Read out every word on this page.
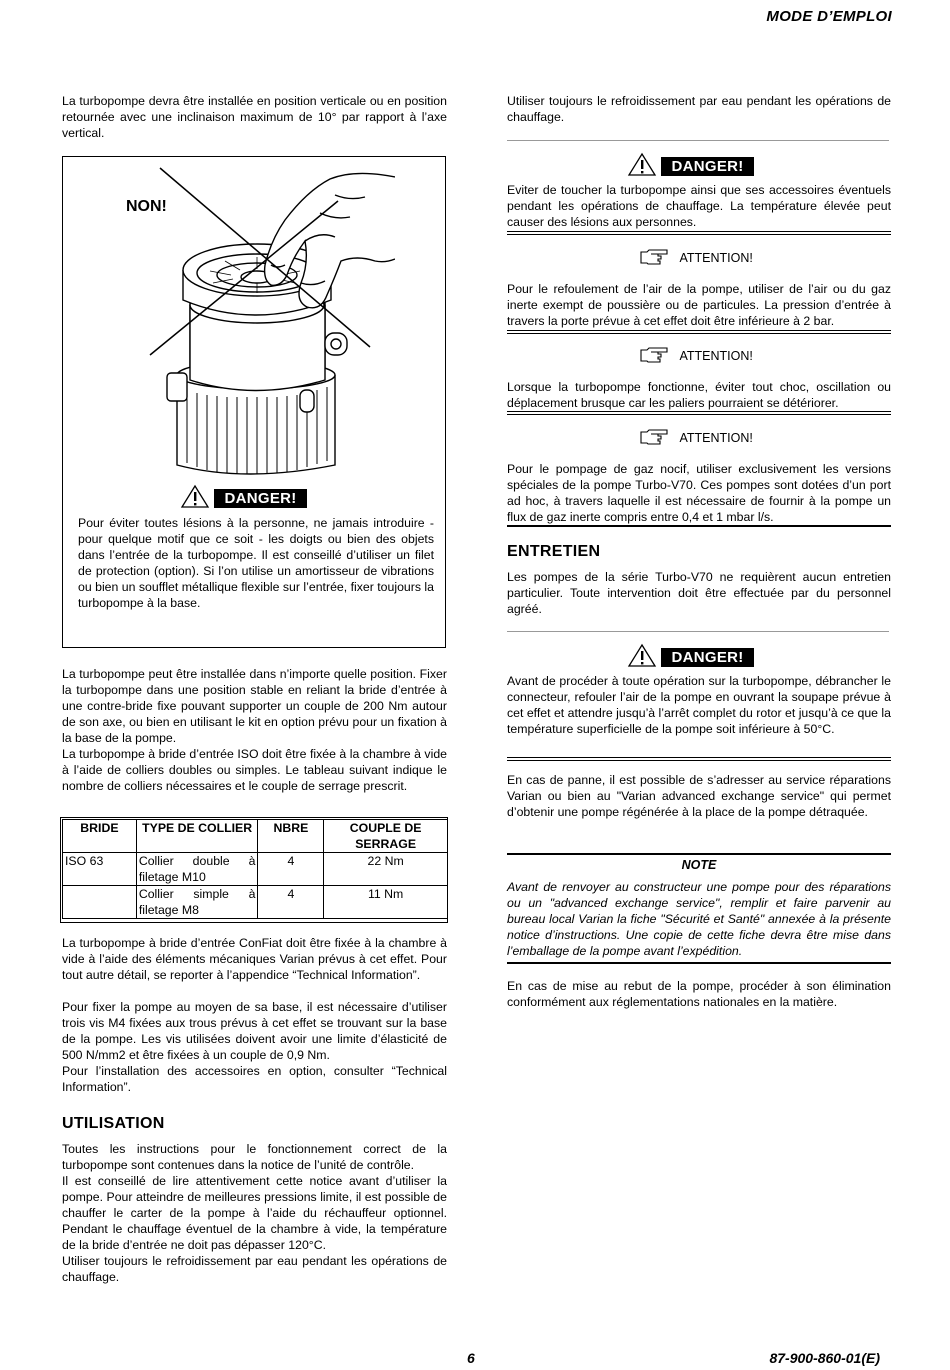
MODE D’EMPLOI
La turbopompe devra être installée en position verticale ou en position retournée avec une inclinaison maximum de 10° par rapport à l’axe vertical.
NON!
DANGER!
Pour éviter toutes lésions à la personne, ne jamais introduire - pour quelque motif que ce soit - les doigts ou bien des objets dans l’entrée de la turbopompe. Il est conseillé d’utiliser un filet de protection (option). Si l’on utilise un amortisseur de vibrations ou bien un soufflet métallique flexible sur l’entrée, fixer toujours la turbopompe à la base.
La turbopompe peut être installée dans n’importe quelle position. Fixer la turbopompe dans une position stable en reliant la bride d’entrée à une contre-bride fixe pouvant supporter un couple de 200 Nm autour de son axe, ou bien en utilisant le kit en option prévu pour un fixation à la base de la pompe.
La turbopompe à bride d’entrée ISO doit être fixée à la chambre à vide à l’aide de colliers doubles ou simples. Le tableau suivant indique le nombre de colliers nécessaires et le couple de serrage prescrit.
BRIDE	TYPE DE COLLIER	NBRE	COUPLE DE SERRAGE
ISO 63	Collier double à filetage M10	4	22 Nm
	Collier simple à filetage M8	4	11 Nm
La turbopompe à bride d’entrée ConFiat doit être fixée à la chambre à vide à l’aide des éléments mécaniques Varian prévus à cet effet. Pour tout autre détail, se reporter à l’appendice “Technical Information”.
Pour fixer la pompe au moyen de sa base, il est nécessaire d’utiliser trois vis M4 fixées aux trous prévus à cet effet se trouvant sur la base de la pompe. Les vis utilisées doivent avoir une limite d’élasticité de 500 N/mm2 et être fixées à un couple de 0,9 Nm.
Pour l’installation des accessoires en option, consulter “Technical Information”.
UTILISATION
Toutes les instructions pour le fonctionnement correct de la turbopompe sont contenues dans la notice de l’unité de contrôle.
Il est conseillé de lire attentivement cette notice avant d’utiliser la pompe. Pour atteindre de meilleures pressions limite, il est possible de chauffer le carter de la pompe à l’aide du réchauffeur optionnel. Pendant le chauffage éventuel de la chambre à vide, la température de la bride d’entrée ne doit pas dépasser 120°C.
Utiliser toujours le refroidissement par eau pendant les opérations de chauffage.
Utiliser toujours le refroidissement par eau pendant les opérations de chauffage.
DANGER!
Eviter de toucher la turbopompe ainsi que ses accessoires éventuels pendant les opérations de chauffage. La température élevée peut causer des lésions aux personnes.
ATTENTION!
Pour le refoulement de l’air de la pompe, utiliser de l’air ou du gaz inerte exempt de poussière ou de particules. La pression d’entrée à travers la porte prévue à cet effet doit être inférieure à 2 bar.
ATTENTION!
Lorsque la turbopompe fonctionne, éviter tout choc, oscillation ou déplacement brusque car les paliers pourraient se détériorer.
ATTENTION!
Pour le pompage de gaz nocif, utiliser exclusivement les versions spéciales de la pompe Turbo-V70. Ces pompes sont dotées d’un port ad hoc, à travers laquelle il est nécessaire de fournir à la pompe un flux de gaz inerte compris entre 0,4 et 1 mbar l/s.
ENTRETIEN
Les pompes de la série Turbo-V70 ne requièrent aucun entretien particulier. Toute intervention doit être effectuée par du personnel agréé.
DANGER!
Avant de procéder à toute opération sur la turbopompe, débrancher le connecteur, refouler l’air de la pompe en ouvrant la soupape prévue à cet effet et attendre jusqu’à l’arrêt complet du rotor et jusqu’à ce que la température superficielle de la pompe soit inférieure à 50°C.
En cas de panne, il est possible de s’adresser au service réparations Varian ou bien au "Varian advanced exchange service" qui permet d’obtenir une pompe régénérée à la place de la pompe détraquée.
NOTE
Avant de renvoyer au constructeur une pompe pour des réparations ou un "advanced exchange service", remplir et faire parvenir au bureau local Varian la fiche "Sécurité et Santé" annexée à la présente notice d’instructions. Une copie de cette fiche devra être mise dans l’emballage de la pompe avant l’expédition.
En cas de mise au rebut de la pompe, procéder à son élimination conformément aux réglementations nationales en la matière.
6	87-900-860-01(E)
